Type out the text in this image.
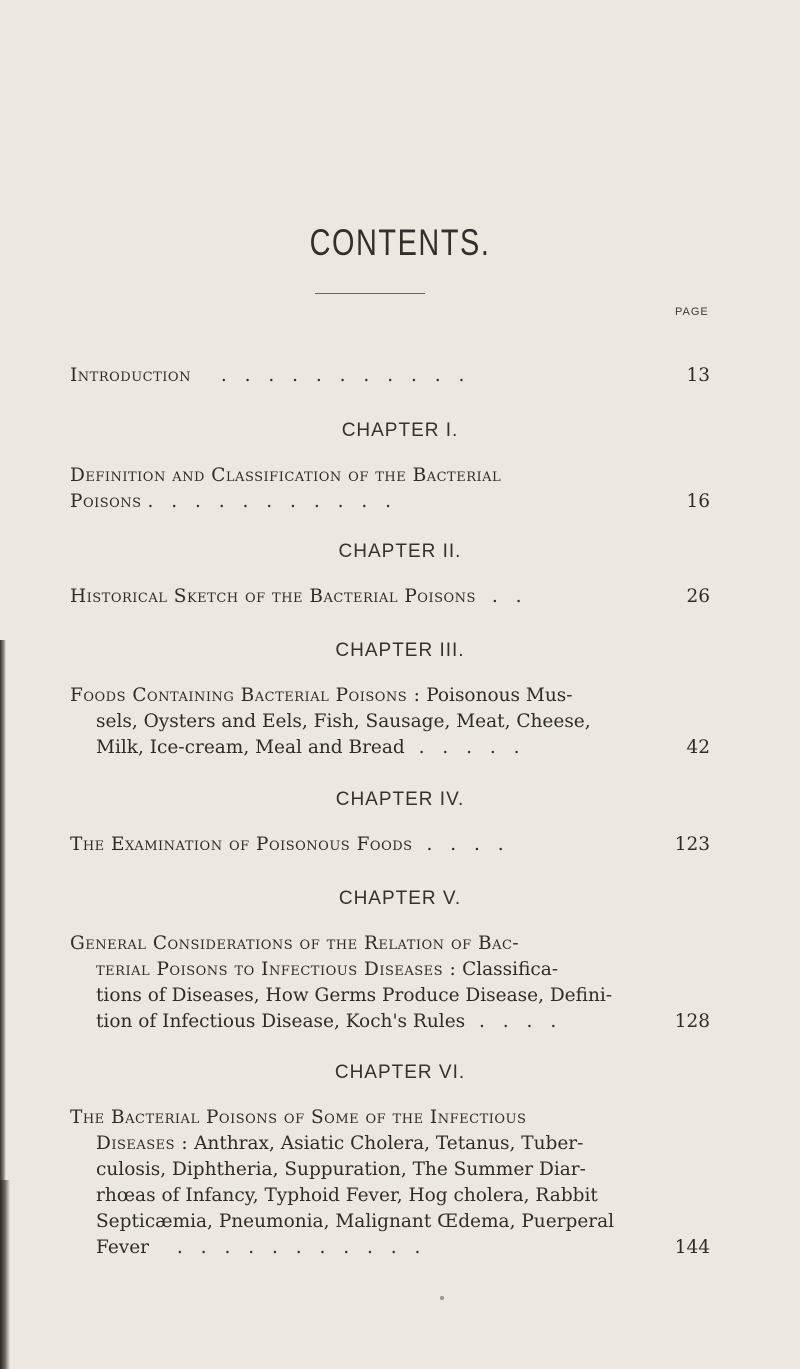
CONTENTS.
PAGE
Introduction . . . . . . . . . . .	13
CHAPTER I.
Definition and Classification of the Bacterial
Poisons . . . . . . . . . . .	16
CHAPTER II.
Historical Sketch of the Bacterial Poisons . .	26
CHAPTER III.
Foods Containing Bacterial Poisons : Poisonous Mus-
sels, Oysters and Eels, Fish, Sausage, Meat, Cheese,
Milk, Ice-cream, Meal and Bread . . . . .	42
CHAPTER IV.
The Examination of Poisonous Foods . . . .	123
CHAPTER V.
General Considerations of the Relation of Bac-
terial Poisons to Infectious Diseases : Classifica-
tions of Diseases, How Germs Produce Disease, Defini-
tion of Infectious Disease, Koch's Rules . . . .	128
CHAPTER VI.
The Bacterial Poisons of Some of the Infectious
Diseases : Anthrax, Asiatic Cholera, Tetanus, Tuber-
culosis, Diphtheria, Suppuration, The Summer Diar-
rhœas of Infancy, Typhoid Fever, Hog cholera, Rabbit
Septicæmia, Pneumonia, Malignant Œdema, Puerperal
Fever . . . . . . . . . . .	144
